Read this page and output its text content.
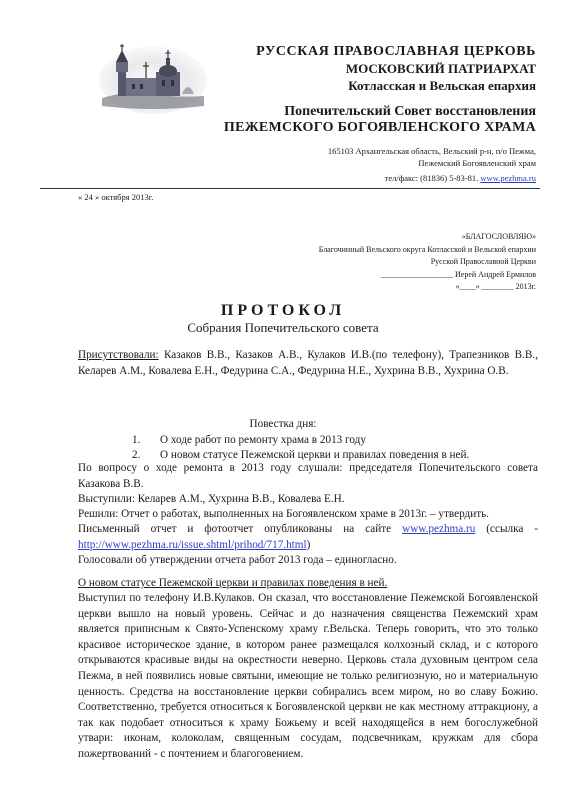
РУССКАЯ ПРАВОСЛАВНАЯ ЦЕРКОВЬ
МОСКОВСКИЙ ПАТРИАРХАТ
Котласская и Вельская епархия
Попечительский Совет восстановления
ПЕЖЕМСКОГО БОГОЯВЛЕНСКОГО ХРАМА
165103 Архангельская область, Вельский р-н, п/о Пежма,
Пежемский Богоявленский храм
тел/факс: (81836) 5-83-81. www.pezhma.ru
« 24 » октября 2013г.
«БЛАГОСЛОВЛЯЮ»
Благочинный Вельского округа Котласской и Вельской епархии
Русской Православной Церкви
__________________ Иерей Андрей Ермилов
«____» ________ 2013г.
ПРОТОКОЛ
Собрания Попечительского совета
Присутствовали: Казаков В.В., Казаков А.В., Кулаков И.В.(по телефону), Трапезников В.В., Келарев А.М., Ковалева Е.Н., Федурина С.А., Федурина Н.Е., Хухрина В.В., Хухрина О.В.
Повестка дня:
1. О ходе работ по ремонту храма в 2013 году
2. О новом статусе Пежемской церкви и правилах поведения в ней.
По вопросу о ходе ремонта в 2013 году слушали: председателя Попечительского совета Казакова В.В.
Выступили: Келарев А.М., Хухрина В.В., Ковалева Е.Н.
Решили: Отчет о работах, выполненных на Богоявленском храме в 2013г. – утвердить.
Письменный отчет и фотоотчет опубликованы на сайте www.pezhma.ru (ссылка - http://www.pezhma.ru/issue.shtml/prihod/717.html)
Голосовали об утверждении отчета работ 2013 года – единогласно.
О новом статусе Пежемской церкви и правилах поведения в ней.
Выступил по телефону И.В.Кулаков. Он сказал, что восстановление Пежемской Богоявленской церкви вышло на новый уровень. Сейчас и до назначения священства Пежемский храм является приписным к Свято-Успенскому храму г.Вельска. Теперь говорить, что это только красивое историческое здание, в котором ранее размещался колхозный склад, и с которого открываются красивые виды на окрестности неверно. Церковь стала духовным центром села Пежма, в ней появились новые святыни, имеющие не только религиозную, но и материальную ценность. Средства на восстановление церкви собирались всем миром, но во славу Божию. Соответственно, требуется относиться к Богоявленской церкви не как местному аттракциону, а так как подобает относиться к храму Божьему и всей находящейся в нем богослужебной утвари: иконам, колоколам, священным сосудам, подсвечникам, кружкам для сбора пожертвований - с почтением и благоговением.
